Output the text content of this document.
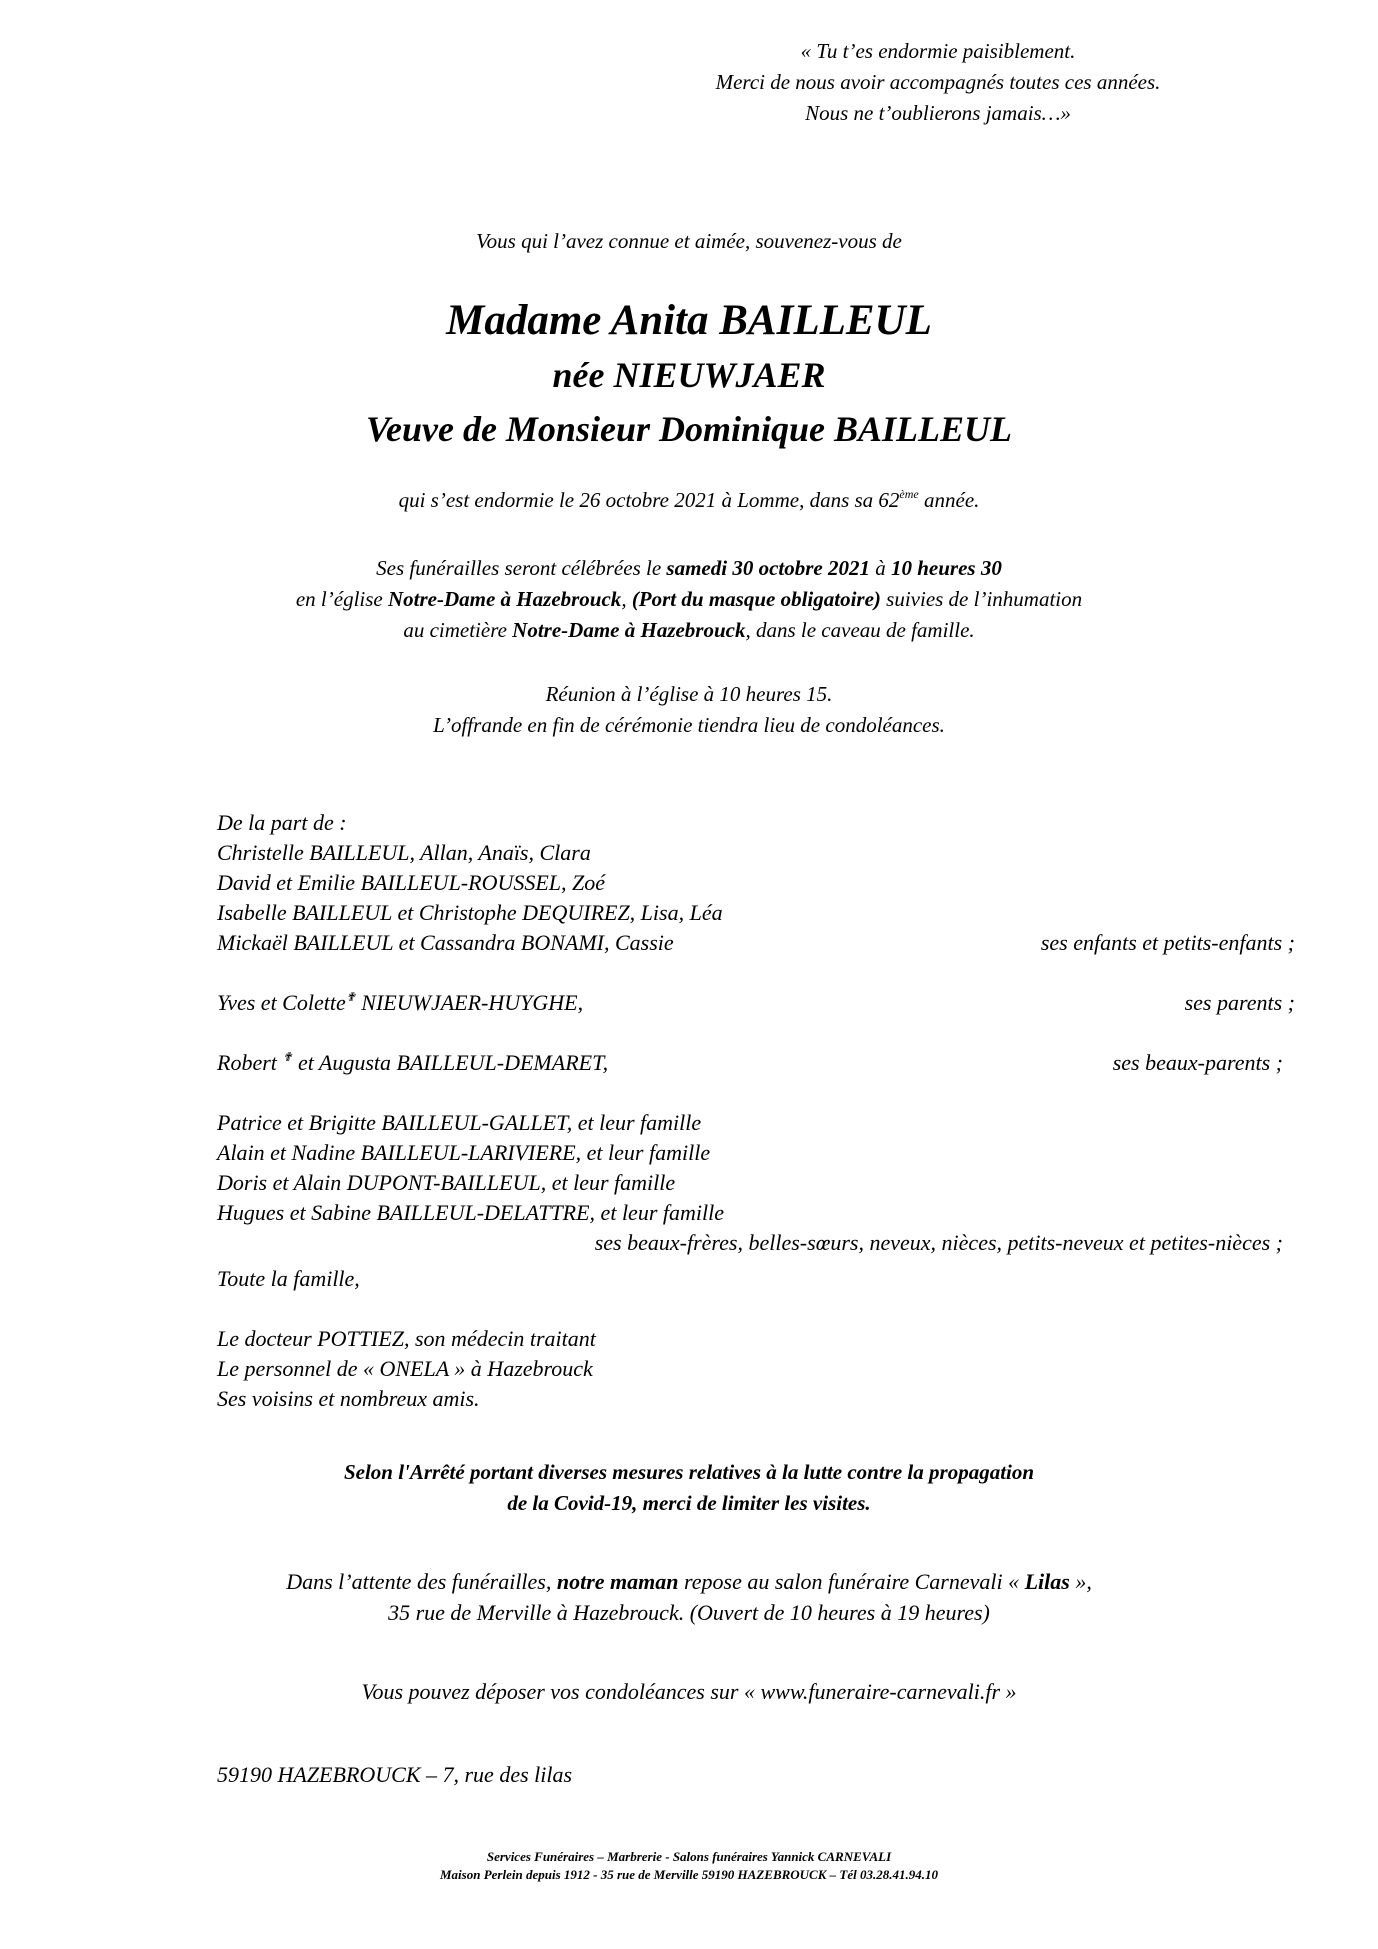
« Tu t’es endormie paisiblement.
Merci de nous avoir accompagnés toutes ces années.
Nous ne t’oublierons jamais…»
Vous qui l’avez connue et aimée, souvenez-vous de
Madame Anita BAILLEUL
née NIEUWJAER
Veuve de Monsieur Dominique BAILLEUL
qui s’est endormie le 26 octobre 2021 à Lomme, dans sa 62ème année.
Ses funérailles seront célébrées le samedi 30 octobre 2021 à 10 heures 30
en l’église Notre-Dame à Hazebrouck, (Port du masque obligatoire) suivies de l’inhumation
au cimetière Notre-Dame à Hazebrouck, dans le caveau de famille.
Réunion à l’église à 10 heures 15.
L’offrande en fin de cérémonie tiendra lieu de condoléances.
De la part de :
Christelle BAILLEUL, Allan, Anaïs, Clara
David et Emilie BAILLEUL-ROUSSEL, Zoé
Isabelle BAILLEUL et Christophe DEQUIREZ, Lisa, Léa
Mickaël BAILLEUL et Cassandra BONAMI, Cassie	ses enfants et petits-enfants ;
Yves et Colette✟ NIEUWJAER-HUYGHE,	ses parents ;
Robert ✟ et Augusta BAILLEUL-DEMARET,	ses beaux-parents ;
Patrice et Brigitte BAILLEUL-GALLET, et leur famille
Alain et Nadine BAILLEUL-LARIVIERE, et leur famille
Doris et Alain DUPONT-BAILLEUL, et leur famille
Hugues et Sabine BAILLEUL-DELATTRE, et leur famille
ses beaux-frères, belles-sœurs, neveux, nièces, petits-neveux et petites-nièces ;
Toute la famille,
Le docteur POTTIEZ, son médecin traitant
Le personnel de « ONELA » à Hazebrouck
Ses voisins et nombreux amis.
Selon l'Arrêté portant diverses mesures relatives à la lutte contre la propagation
de la Covid-19, merci de limiter les visites.
Dans l’attente des funérailles, notre maman repose au salon funéraire Carnevali « Lilas »,
35 rue de Merville à Hazebrouck. (Ouvert de 10 heures à 19 heures)
Vous pouvez déposer vos condoléances sur « www.funeraire-carnevali.fr »
59190 HAZEBROUCK – 7, rue des lilas
Services Funéraires – Marbrerie - Salons funéraires Yannick CARNEVALI
Maison Perlein depuis 1912 - 35 rue de Merville 59190 HAZEBROUCK – Tél 03.28.41.94.10
